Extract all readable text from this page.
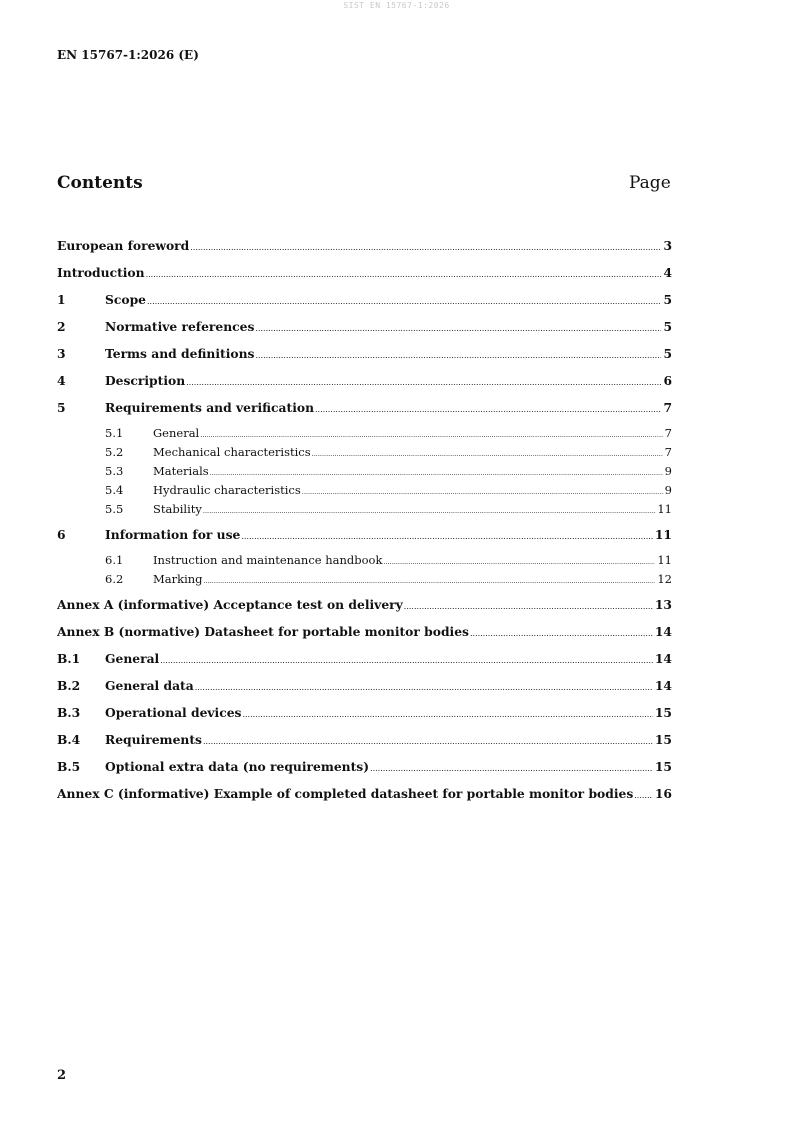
SIST EN 15767-1:2026
EN 15767-1:2026 (E)
Contents	Page
European foreword .....	3
Introduction .....	4
1	Scope .....	5
2	Normative references .....	5
3	Terms and definitions .....	5
4	Description .....	6
5	Requirements and verification .....	7
5.1	General .....	7
5.2	Mechanical characteristics .....	7
5.3	Materials .....	9
5.4	Hydraulic characteristics .....	9
5.5	Stability .....	11
6	Information for use .....	11
6.1	Instruction and maintenance handbook .....	11
6.2	Marking .....	12
Annex A (informative) Acceptance test on delivery .....	13
Annex B (normative) Datasheet for portable monitor bodies .....	14
B.1	General .....	14
B.2	General data .....	14
B.3	Operational devices .....	15
B.4	Requirements .....	15
B.5	Optional extra data (no requirements) .....	15
Annex C (informative) Example of completed datasheet for portable monitor bodies ..... 16
2
